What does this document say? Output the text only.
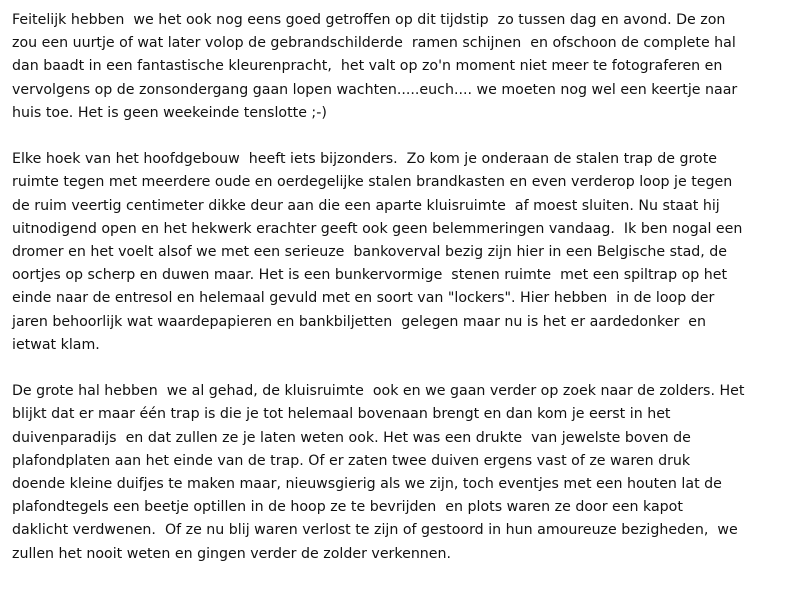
Feitelijk hebben  we het ook nog eens goed getroffen op dit tijdstip  zo tussen dag en avond. De zon
zou een uurtje of wat later volop de gebrandschilderde  ramen schijnen  en ofschoon de complete hal
dan baadt in een fantastische kleurenpracht,  het valt op zo'n moment niet meer te fotograferen en
vervolgens op de zonsondergang gaan lopen wachten.....euch.... we moeten nog wel een keertje naar
huis toe. Het is geen weekeinde tenslotte ;-)

Elke hoek van het hoofdgebouw  heeft iets bijzonders.  Zo kom je onderaan de stalen trap de grote
ruimte tegen met meerdere oude en oerdegelijke stalen brandkasten en even verderop loop je tegen
de ruim veertig centimeter dikke deur aan die een aparte kluisruimte  af moest sluiten. Nu staat hij
uitnodigend open en het hekwerk erachter geeft ook geen belemmeringen vandaag.  Ik ben nogal een
dromer en het voelt alsof we met een serieuze  bankoverval bezig zijn hier in een Belgische stad, de
oortjes op scherp en duwen maar. Het is een bunkervormige  stenen ruimte  met een spiltrap op het
einde naar de entresol en helemaal gevuld met en soort van "lockers". Hier hebben  in de loop der
jaren behoorlijk wat waardepapieren en bankbiljetten  gelegen maar nu is het er aardedonker  en
ietwat klam.

De grote hal hebben  we al gehad, de kluisruimte  ook en we gaan verder op zoek naar de zolders. Het
blijkt dat er maar één trap is die je tot helemaal bovenaan brengt en dan kom je eerst in het
duivenparadijs  en dat zullen ze je laten weten ook. Het was een drukte  van jewelste boven de
plafondplaten aan het einde van de trap. Of er zaten twee duiven ergens vast of ze waren druk
doende kleine duifjes te maken maar, nieuwsgierig als we zijn, toch eventjes met een houten lat de
plafondtegels een beetje optillen in de hoop ze te bevrijden  en plots waren ze door een kapot
daklicht verdwenen.  Of ze nu blij waren verlost te zijn of gestoord in hun amoureuze bezigheden,  we
zullen het nooit weten en gingen verder de zolder verkennen.
